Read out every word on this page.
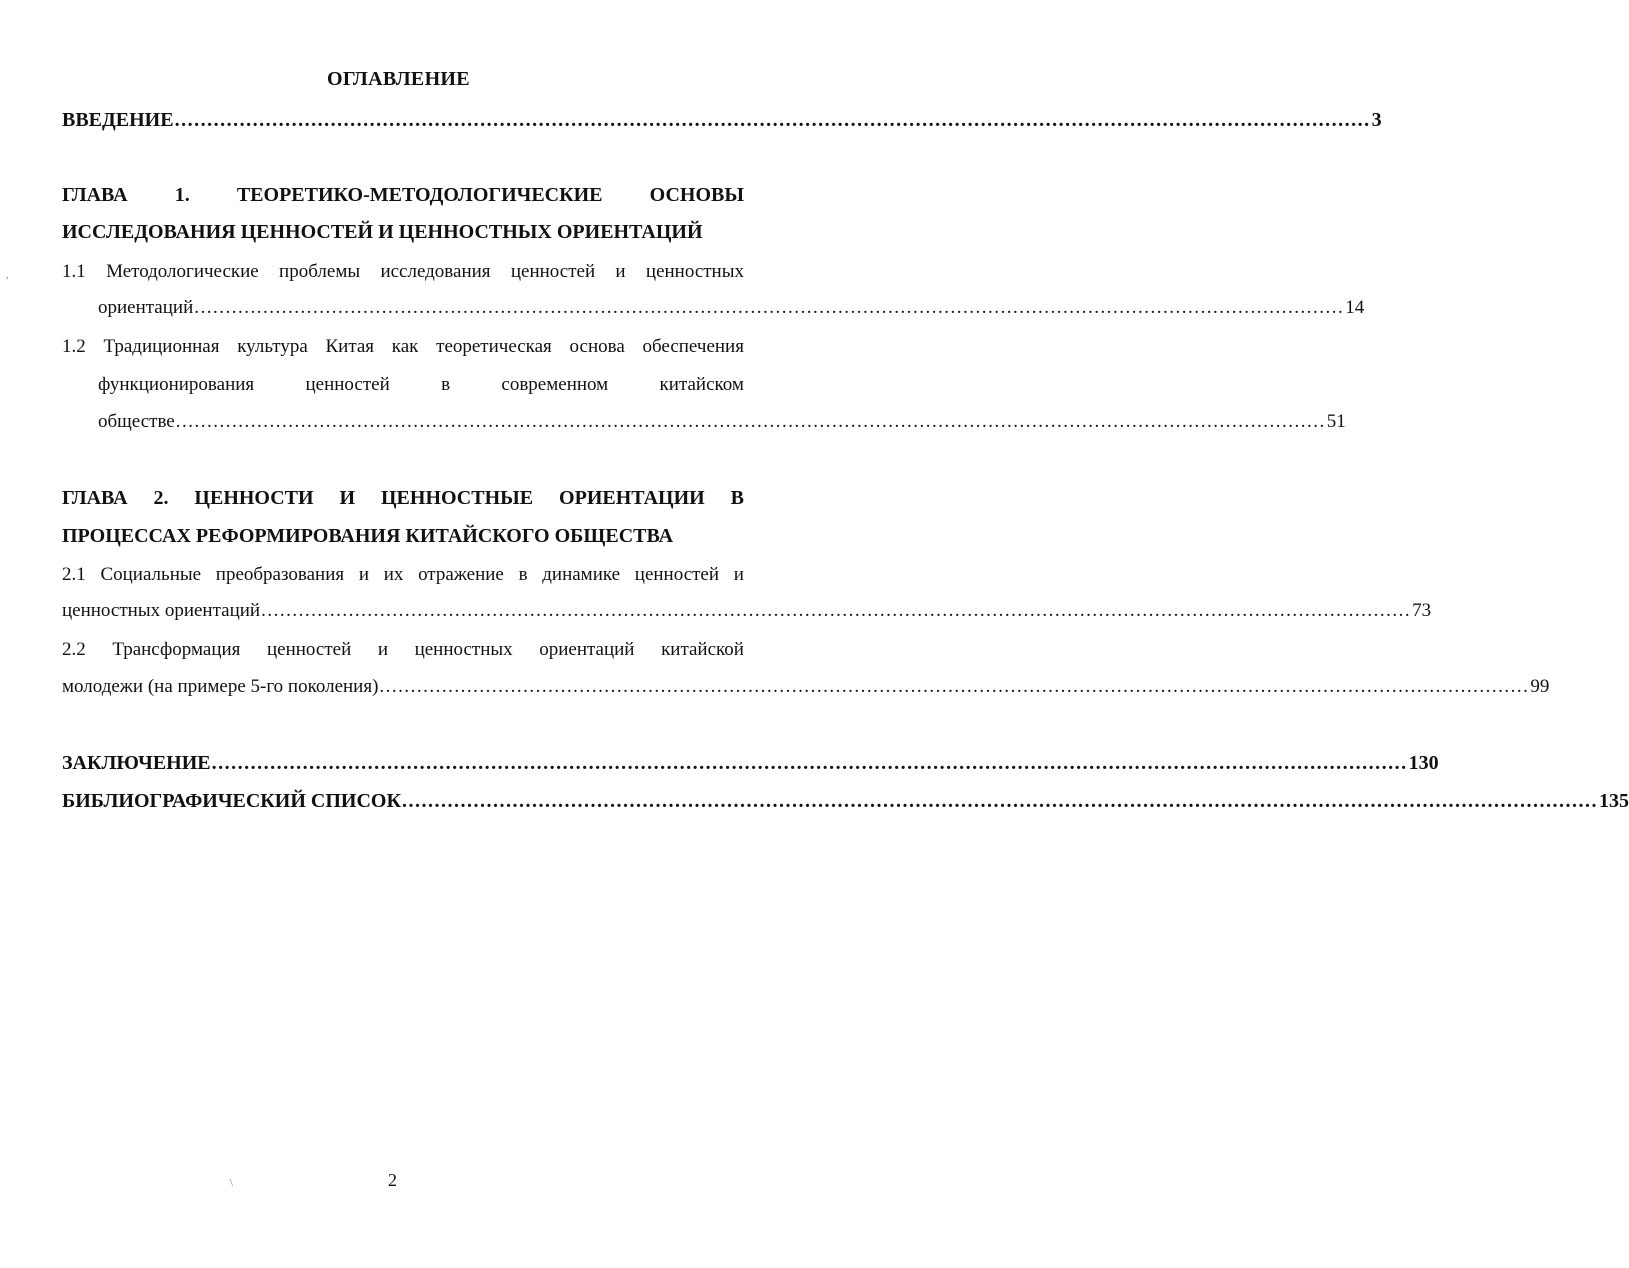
ОГЛАВЛЕНИЕ
ВВЕДЕНИЕ ........................................................................................................................................................................................ 3
ГЛАВА 1. ТЕОРЕТИКО-МЕТОДОЛОГИЧЕСКИЕ ОСНОВЫ
ИССЛЕДОВАНИЯ ЦЕННОСТЕЙ И ЦЕННОСТНЫХ ОРИЕНТАЦИЙ
1.1 Методологические проблемы исследования ценностей и ценностных
ориентаций ........................................................................................................................................................................................ 14
1.2 Традиционная культура Китая как теоретическая основа обеспечения
функционирования	ценностей	в	современном	китайском
обществе ........................................................................................................................................................................................ 51
ГЛАВА 2. ЦЕННОСТИ И ЦЕННОСТНЫЕ ОРИЕНТАЦИИ В
ПРОЦЕССАХ РЕФОРМИРОВАНИЯ КИТАЙСКОГО ОБЩЕСТВА
2.1 Социальные преобразования и их отражение в динамике ценностей и
ценностных ориентаций ........................................................................................................................................................................................ 73
2.2 Трансформация ценностей и ценностных ориентаций китайской
молодежи (на примере 5-го поколения) ........................................................................................................................................................................................ 99
ЗАКЛЮЧЕНИЕ ........................................................................................................................................................................................ 130
БИБЛИОГРАФИЧЕСКИЙ СПИСОК ........................................................................................................................................................................................ 135
2
,
\
